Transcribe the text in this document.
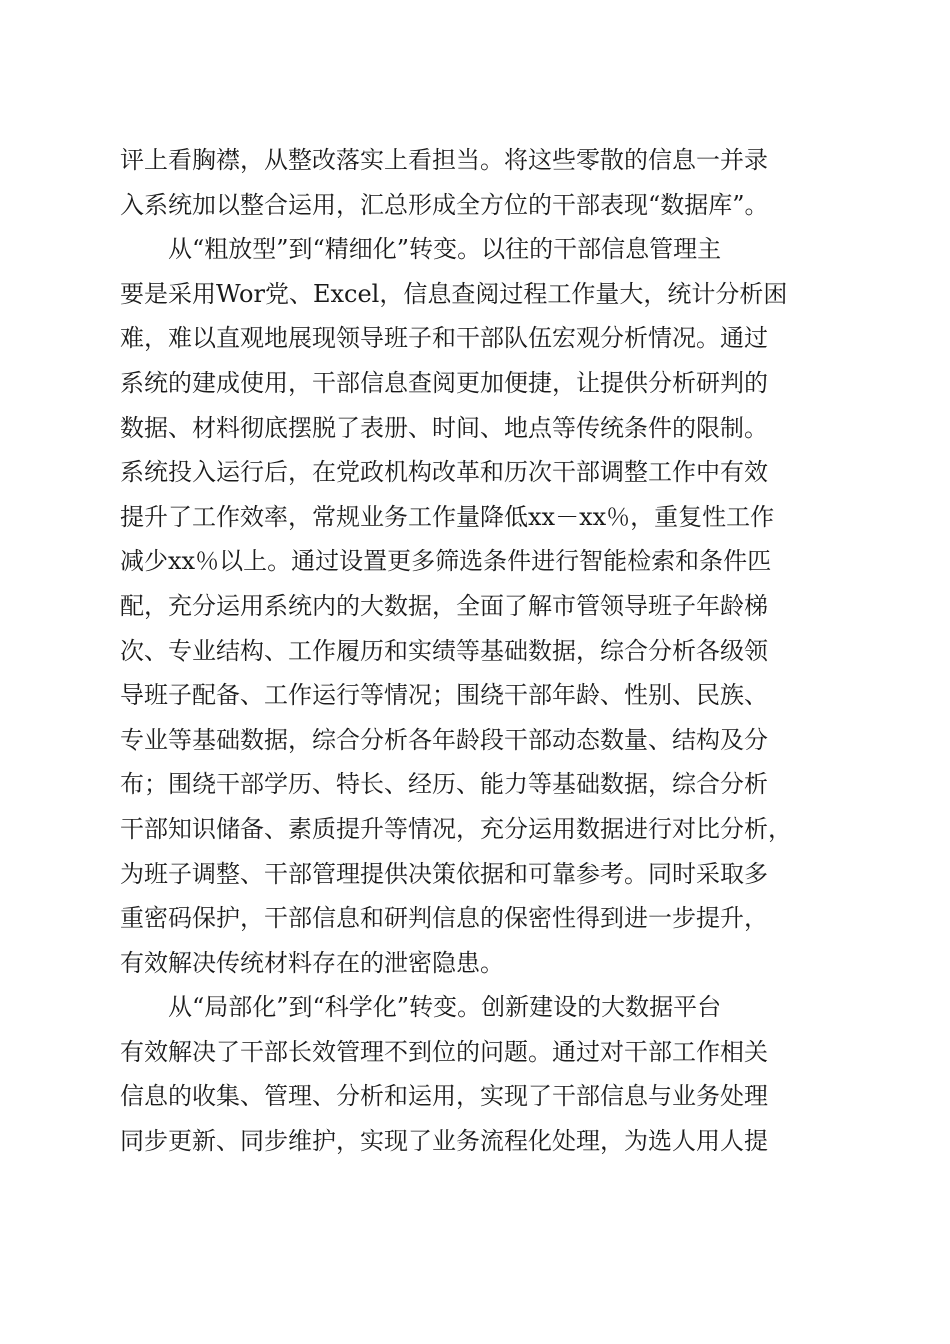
评上看胸襟，从整改落实上看担当。将这些零散的信息一并录
入系统加以整合运用，汇总形成全方位的干部表现“数据库”。
从“粗放型”到“精细化”转变。以往的干部信息管理主
要是采用Wor党、Excel，信息查阅过程工作量大，统计分析困
难，难以直观地展现领导班子和干部队伍宏观分析情况。通过
系统的建成使用，干部信息查阅更加便捷，让提供分析研判的
数据、材料彻底摆脱了表册、时间、地点等传统条件的限制。
系统投入运行后，在党政机构改革和历次干部调整工作中有效
提升了工作效率，常规业务工作量降低xx－xx％，重复性工作
减少xx％以上。通过设置更多筛选条件进行智能检索和条件匹
配，充分运用系统内的大数据，全面了解市管领导班子年龄梯
次、专业结构、工作履历和实绩等基础数据，综合分析各级领
导班子配备、工作运行等情况；围绕干部年龄、性别、民族、
专业等基础数据，综合分析各年龄段干部动态数量、结构及分
布；围绕干部学历、特长、经历、能力等基础数据，综合分析
干部知识储备、素质提升等情况，充分运用数据进行对比分析，
为班子调整、干部管理提供决策依据和可靠参考。同时采取多
重密码保护，干部信息和研判信息的保密性得到进一步提升，
有效解决传统材料存在的泄密隐患。
从“局部化”到“科学化”转变。创新建设的大数据平台
有效解决了干部长效管理不到位的问题。通过对干部工作相关
信息的收集、管理、分析和运用，实现了干部信息与业务处理
同步更新、同步维护，实现了业务流程化处理，为选人用人提
